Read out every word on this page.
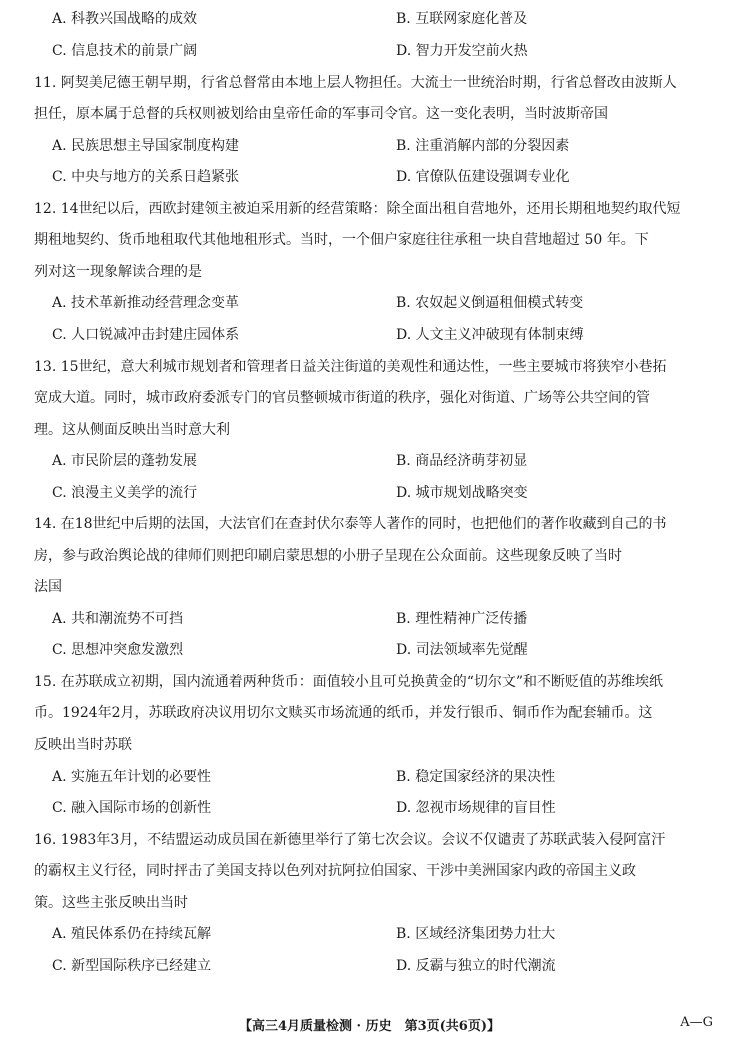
A. 科教兴国战略的成效	B. 互联网家庭化普及
C. 信息技术的前景广阔	D. 智力开发空前火热
11. 阿契美尼德王朝早期，行省总督常由本地上层人物担任。大流士一世统治时期，行省总督改由波斯人
担任，原本属于总督的兵权则被划给由皇帝任命的军事司令官。这一变化表明，当时波斯帝国
A. 民族思想主导国家制度构建	B. 注重消解内部的分裂因素
C. 中央与地方的关系日趋紧张	D. 官僚队伍建设强调专业化
12. 14世纪以后，西欧封建领主被迫采用新的经营策略：除全面出租自营地外，还用长期租地契约取代短
期租地契约、货币地租取代其他地租形式。当时，一个佃户家庭往往承租一块自营地超过 50 年。下
列对这一现象解读合理的是
A. 技术革新推动经营理念变革	B. 农奴起义倒逼租佃模式转变
C. 人口锐减冲击封建庄园体系	D. 人文主义冲破现有体制束缚
13. 15世纪，意大利城市规划者和管理者日益关注街道的美观性和通达性，一些主要城市将狭窄小巷拓
宽成大道。同时，城市政府委派专门的官员整顿城市街道的秩序，强化对街道、广场等公共空间的管
理。这从侧面反映出当时意大利
A. 市民阶层的蓬勃发展	B. 商品经济萌芽初显
C. 浪漫主义美学的流行	D. 城市规划战略突变
14. 在18世纪中后期的法国，大法官们在查封伏尔泰等人著作的同时，也把他们的著作收藏到自己的书
房，参与政治舆论战的律师们则把印刷启蒙思想的小册子呈现在公众面前。这些现象反映了当时
法国
A. 共和潮流势不可挡	B. 理性精神广泛传播
C. 思想冲突愈发激烈	D. 司法领域率先觉醒
15. 在苏联成立初期，国内流通着两种货币：面值较小且可兑换黄金的“切尔文”和不断贬值的苏维埃纸
币。1924年2月，苏联政府决议用切尔文赎买市场流通的纸币，并发行银币、铜币作为配套辅币。这
反映出当时苏联
A. 实施五年计划的必要性	B. 稳定国家经济的果决性
C. 融入国际市场的创新性	D. 忽视市场规律的盲目性
16. 1983年3月，不结盟运动成员国在新德里举行了第七次会议。会议不仅谴责了苏联武装入侵阿富汗
的霸权主义行径，同时抨击了美国支持以色列对抗阿拉伯国家、干涉中美洲国家内政的帝国主义政
策。这些主张反映出当时
A. 殖民体系仍在持续瓦解	B. 区域经济集团势力壮大
C. 新型国际秩序已经建立	D. 反霸与独立的时代潮流
【高三4月质量检测 · 历史　第3页(共6页)】	A—G
